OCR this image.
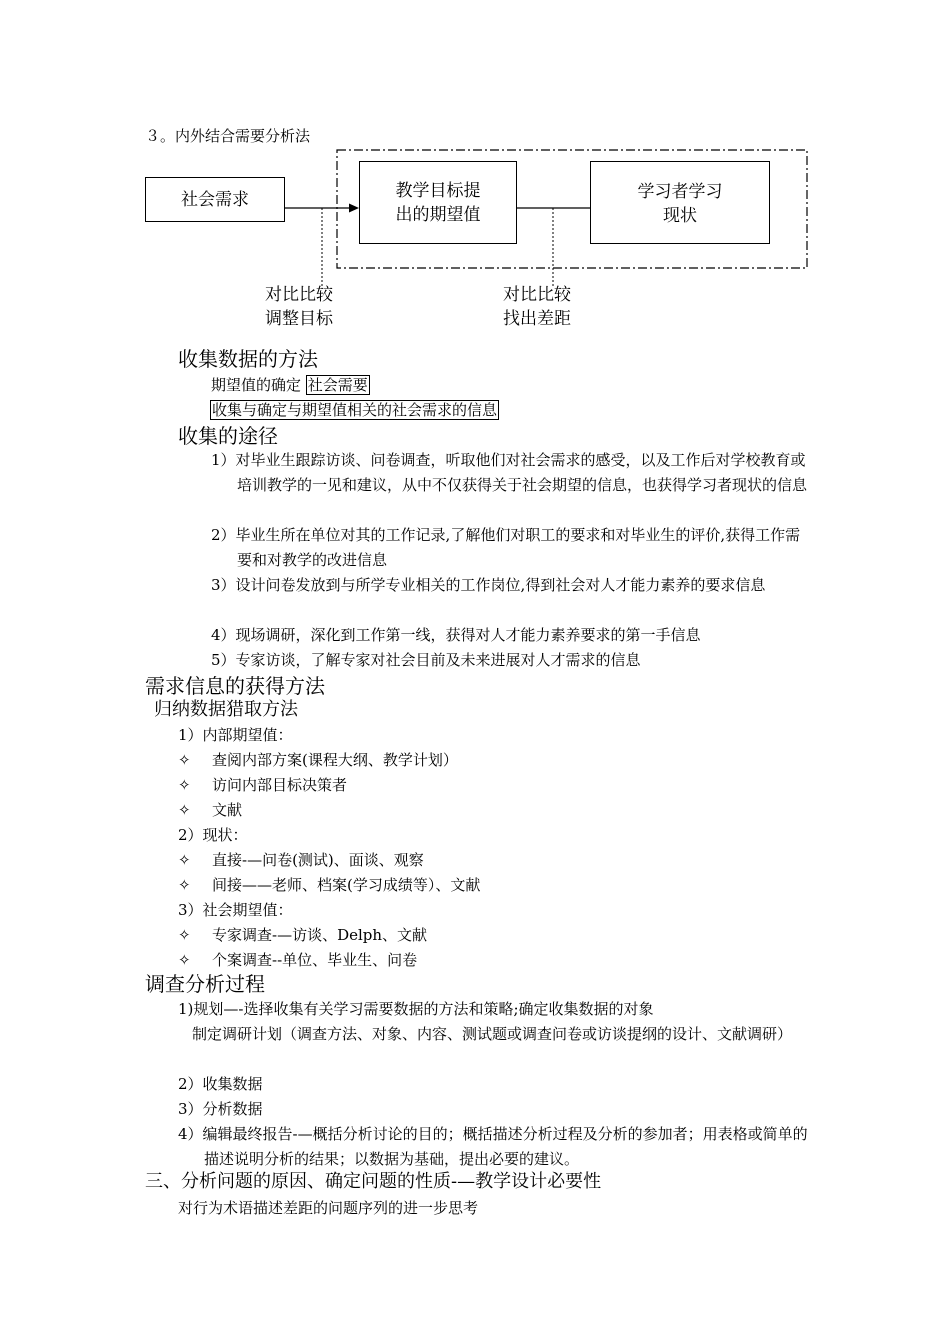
３。内外结合需要分析法
社会需求	教学目标提
出的期望值
学习者学习
现状
对比比较
调整目标
对比比较
找出差距
收集数据的方法
期望值的确定 社会需要
收集与确定与期望值相关的社会需求的信息
收集的途径
1）对毕业生跟踪访谈、问卷调查，听取他们对社会需求的感受，以及工作后对学校教育或培训教学的一见和建议，从中不仅获得关于社会期望的信息，也获得学习者现状的信息
2）毕业生所在单位对其的工作记录,了解他们对职工的要求和对毕业生的评价,获得工作需要和对教学的改进信息
3）设计问卷发放到与所学专业相关的工作岗位,得到社会对人才能力素养的要求信息
4）现场调研，深化到工作第一线，获得对人才能力素养要求的第一手信息
5）专家访谈，了解专家对社会目前及未来进展对人才需求的信息
需求信息的获得方法
归纳数据猎取方法
1）内部期望值：
✧ 查阅内部方案(课程大纲、教学计划）
✧ 访问内部目标决策者
✧ 文献
2）现状：
✧ 直接-—问卷(测试)、面谈、观察
✧ 间接——老师、档案(学习成绩等）、文献
3）社会期望值：
✧ 专家调查-—访谈、Delph、文献
✧ 个案调查--单位、毕业生、问卷
调查分析过程
1)规划—-选择收集有关学习需要数据的方法和策略;确定收集数据的对象
制定调研计划（调查方法、对象、内容、测试题或调查问卷或访谈提纲的设计、文献调研）
2）收集数据
3）分析数据
4）编辑最终报告-—概括分析讨论的目的；概括描述分析过程及分析的参加者；用表格或简单的描述说明分析的结果；以数据为基础，提出必要的建议。
三、分析问题的原因、确定问题的性质-—教学设计必要性
对行为术语描述差距的问题序列的进一步思考
